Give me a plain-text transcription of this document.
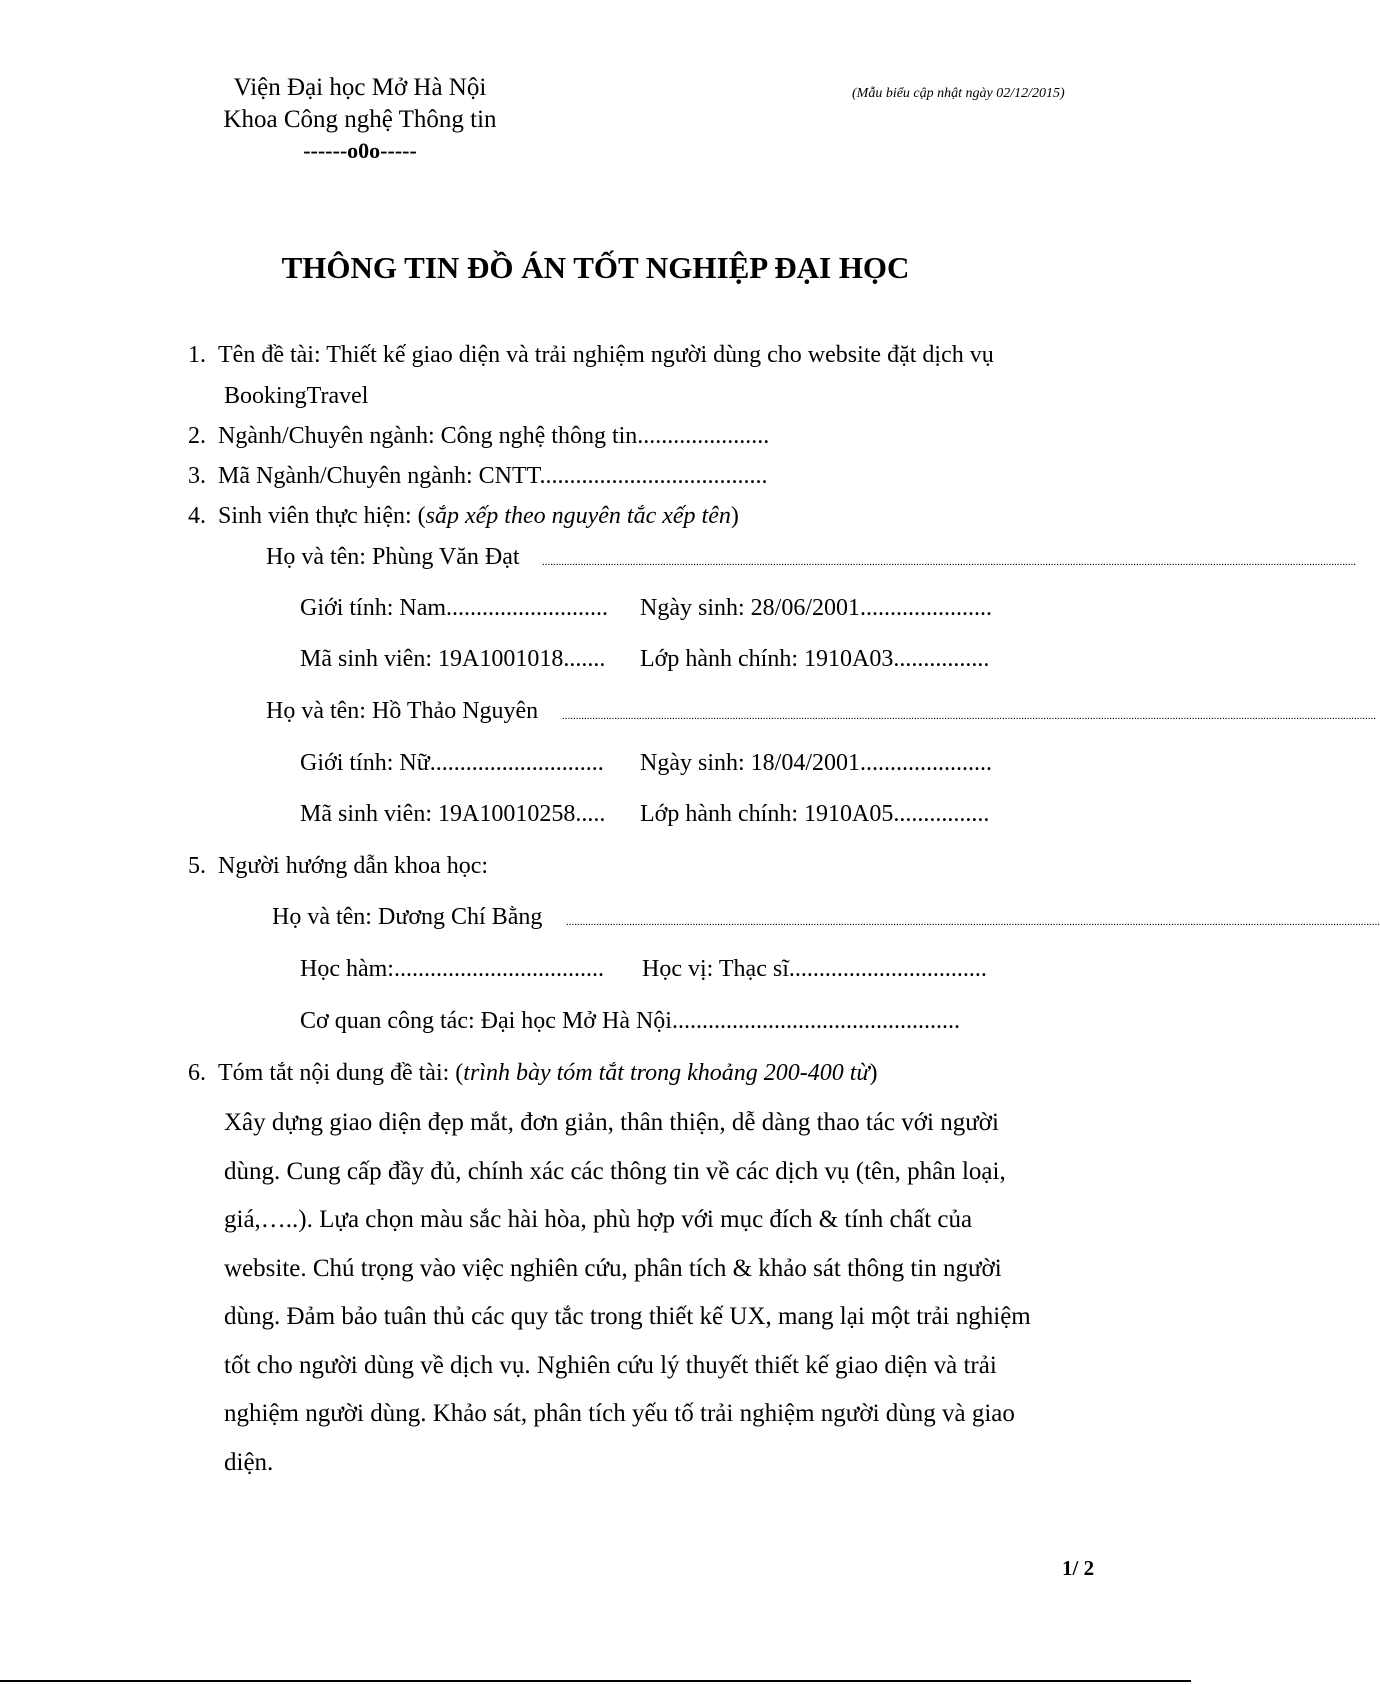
Viện Đại học Mở Hà Nội
Khoa Công nghệ Thông tin
------o0o-----
(Mẫu biểu cập nhật ngày 02/12/2015)
THÔNG TIN ĐỒ ÁN TỐT NGHIỆP ĐẠI HỌC
1. Tên đề tài: Thiết kế giao diện và trải nghiệm người dùng cho website đặt dịch vụ
BookingTravel
2. Ngành/Chuyên ngành: Công nghệ thông tin......................
3. Mã Ngành/Chuyên ngành: CNTT......................................
4. Sinh viên thực hiện: (sắp xếp theo nguyên tắc xếp tên)
Họ và tên: Phùng Văn Đạt ........................................................................................................................................................................................................................................................................................................
Giới tính: Nam........................... Ngày sinh: 28/06/2001......................
Mã sinh viên: 19A1001018....... Lớp hành chính: 1910A03................
Họ và tên: Hồ Thảo Nguyên ........................................................................................................................................................................................................................................................................................................
Giới tính: Nữ............................. Ngày sinh: 18/04/2001......................
Mã sinh viên: 19A10010258..... Lớp hành chính: 1910A05................
5. Người hướng dẫn khoa học:
Họ và tên: Dương Chí Bằng ........................................................................................................................................................................................................................................................................................................
Học hàm:................................... Học vị: Thạc sĩ.................................
Cơ quan công tác: Đại học Mở Hà Nội................................................
6. Tóm tắt nội dung đề tài: (trình bày tóm tắt trong khoảng 200-400 từ)
Xây dựng giao diện đẹp mắt, đơn giản, thân thiện, dễ dàng thao tác với người dùng. Cung cấp đầy đủ, chính xác các thông tin về các dịch vụ (tên, phân loại, giá,…..). Lựa chọn màu sắc hài hòa, phù hợp với mục đích & tính chất của website. Chú trọng vào việc nghiên cứu, phân tích & khảo sát thông tin người dùng. Đảm bảo tuân thủ các quy tắc trong thiết kế UX, mang lại một trải nghiệm tốt cho người dùng về dịch vụ. Nghiên cứu lý thuyết thiết kế giao diện và trải nghiệm người dùng. Khảo sát, phân tích yếu tố trải nghiệm người dùng và giao diện.
1/ 2
